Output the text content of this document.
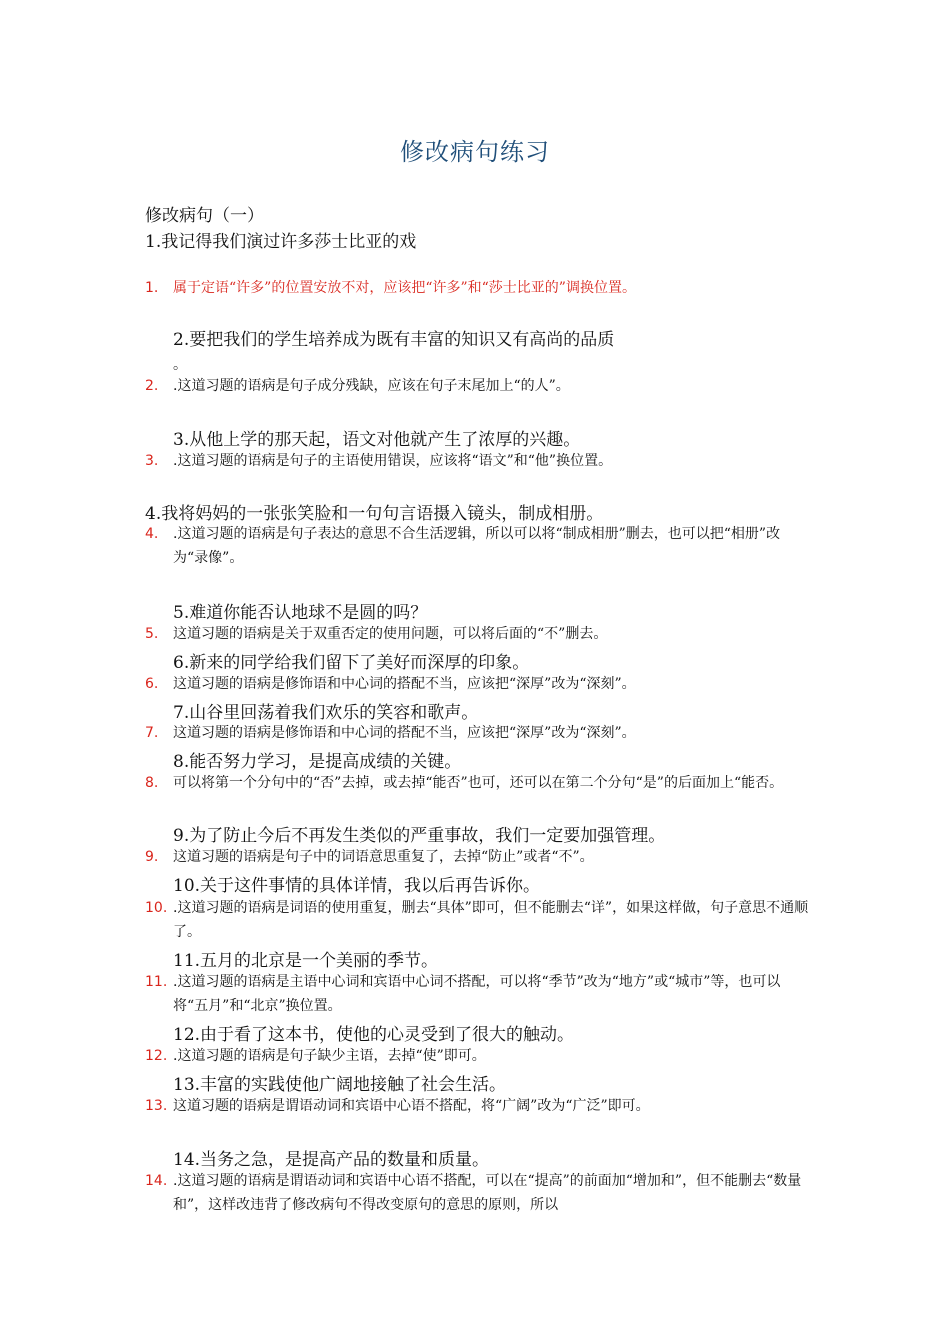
修改病句练习
修改病句（一）
1.我记得我们演过许多莎士比亚的戏
1.	属于定语“许多”的位置安放不对，应该把“许多”和“莎士比亚的”调换位置。
2.要把我们的学生培养成为既有丰富的知识又有高尚的品质
。
2.	.这道习题的语病是句子成分残缺，应该在句子末尾加上“的人”。
3.从他上学的那天起，语文对他就产生了浓厚的兴趣。
3.	.这道习题的语病是句子的主语使用错误，应该将“语文”和“他”换位置。
4.我将妈妈的一张张笑脸和一句句言语摄入镜头，制成相册。
4.	.这道习题的语病是句子表达的意思不合生活逻辑，所以可以将“制成相册”删去，也可以把“相册”改为“录像”。
5.难道你能否认地球不是圆的吗？
5.	这道习题的语病是关于双重否定的使用问题，可以将后面的“不”删去。
6.新来的同学给我们留下了美好而深厚的印象。
6.	这道习题的语病是修饰语和中心词的搭配不当，应该把“深厚”改为“深刻”。
7.山谷里回荡着我们欢乐的笑容和歌声。
7.	这道习题的语病是修饰语和中心词的搭配不当，应该把“深厚”改为“深刻”。
8.能否努力学习，是提高成绩的关键。
8.	可以将第一个分句中的“否”去掉，或去掉“能否”也可，还可以在第二个分句“是”的后面加上“能否。
9.为了防止今后不再发生类似的严重事故，我们一定要加强管理。
9.	这道习题的语病是句子中的词语意思重复了，去掉“防止”或者“不”。
10.关于这件事情的具体详情，我以后再告诉你。
10. .这道习题的语病是词语的使用重复，删去“具体”即可，但不能删去“详”，如果这样做，句子意思不通顺了。
11.五月的北京是一个美丽的季节。
11. .这道习题的语病是主语中心词和宾语中心词不搭配，可以将“季节”改为“地方”或“城市”等，也可以将“五月”和“北京”换位置。
12.由于看了这本书，使他的心灵受到了很大的触动。
12. .这道习题的语病是句子缺少主语，去掉“使”即可。
13.丰富的实践使他广阔地接触了社会生活。
13. 这道习题的语病是谓语动词和宾语中心语不搭配，将“广阔”改为“广泛”即可。
14.当务之急，是提高产品的数量和质量。
14. .这道习题的语病是谓语动词和宾语中心语不搭配，可以在“提高”的前面加“增加和”，但不能删去“数量和”，这样改违背了修改病句不得改变原句的意思的原则，所以
